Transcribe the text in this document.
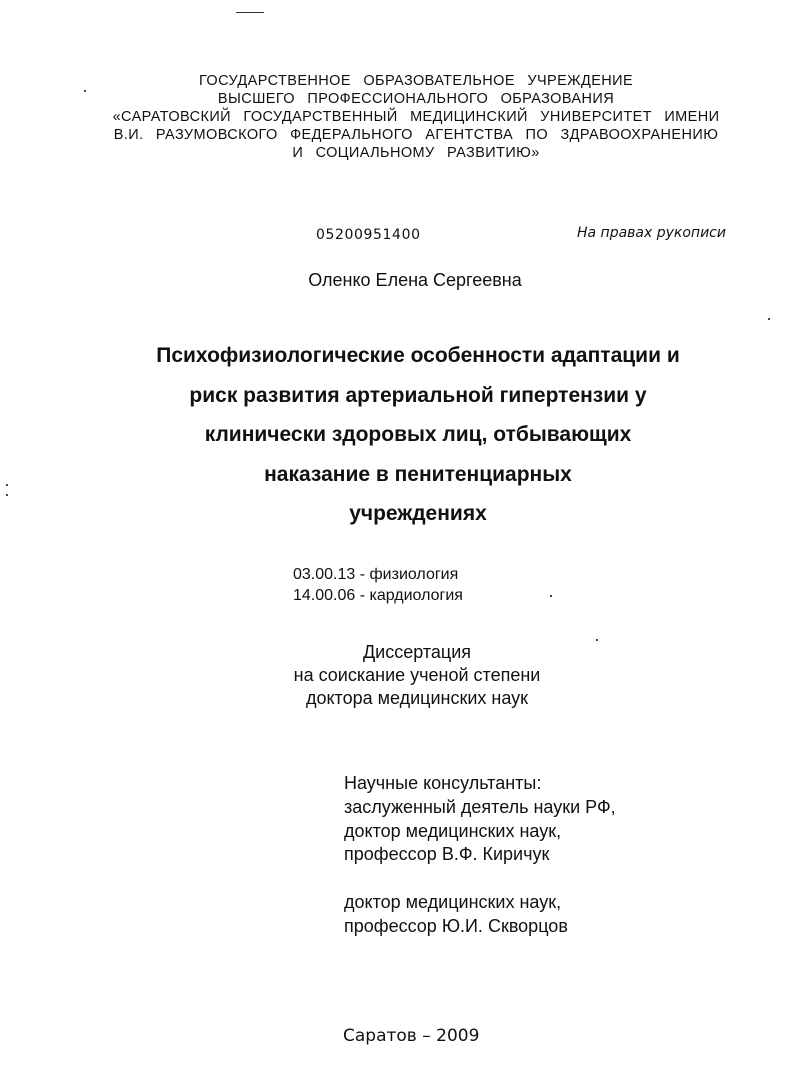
ГОСУДАРСТВЕННОЕ ОБРАЗОВАТЕЛЬНОЕ УЧРЕЖДЕНИЕ
ВЫСШЕГО ПРОФЕССИОНАЛЬНОГО ОБРАЗОВАНИЯ
«САРАТОВСКИЙ ГОСУДАРСТВЕННЫЙ МЕДИЦИНСКИЙ УНИВЕРСИТЕТ ИМЕНИ
В.И. РАЗУМОВСКОГО ФЕДЕРАЛЬНОГО АГЕНТСТВА ПО ЗДРАВООХРАНЕНИЮ
И СОЦИАЛЬНОМУ РАЗВИТИЮ»
05200951400	На правах рукописи
Оленко Елена Сергеевна
Психофизиологические особенности адаптации и
риск развития артериальной гипертензии у
клинически здоровых лиц, отбывающих
наказание в пенитенциарных
учреждениях
03.00.13 - физиология
14.00.06 - кардиология
Диссертация
на соискание ученой степени
доктора медицинских наук
Научные консультанты:
заслуженный деятель науки РФ,
доктор медицинских наук,
профессор В.Ф. Киричук
доктор медицинских наук,
профессор Ю.И. Скворцов
Саратов – 2009
